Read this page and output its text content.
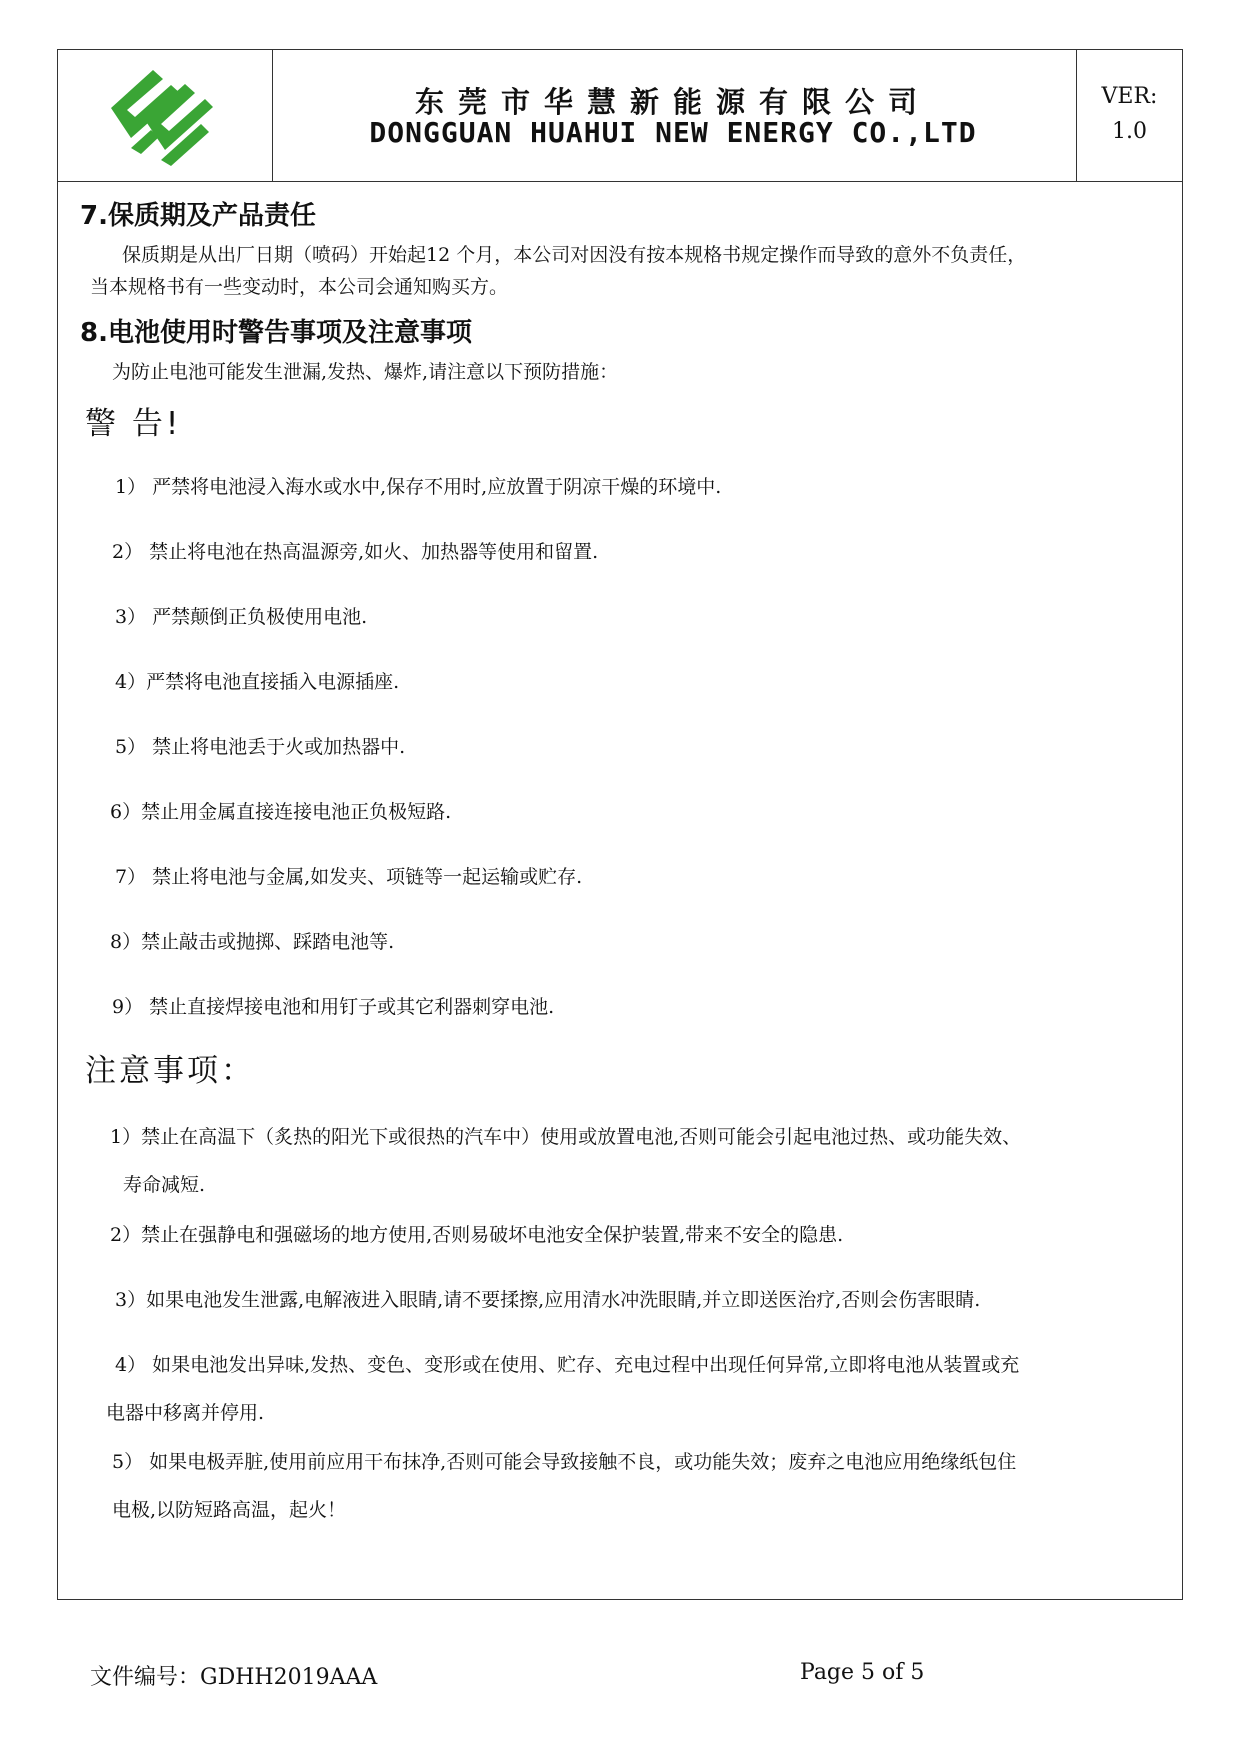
东莞市华慧新能源有限公司
DONGGUAN HUAHUI NEW ENERGY CO.,LTD
VER:
1.0
7.保质期及产品责任
保质期是从出厂日期（喷码）开始起12 个月，本公司对因没有按本规格书规定操作而导致的意外不负责任，
当本规格书有一些变动时，本公司会通知购买方。
8.电池使用时警告事项及注意事项
为防止电池可能发生泄漏,发热、爆炸,请注意以下预防措施：
警 告!
1） 严禁将电池浸入海水或水中,保存不用时,应放置于阴凉干燥的环境中.
2） 禁止将电池在热高温源旁,如火、加热器等使用和留置.
3） 严禁颠倒正负极使用电池.
4）严禁将电池直接插入电源插座.
5） 禁止将电池丢于火或加热器中.
6）禁止用金属直接连接电池正负极短路.
7） 禁止将电池与金属,如发夹、项链等一起运输或贮存.
8）禁止敲击或抛掷、踩踏电池等.
9） 禁止直接焊接电池和用钉子或其它利器刺穿电池.
注意事项：
1）禁止在高温下（炙热的阳光下或很热的汽车中）使用或放置电池,否则可能会引起电池过热、或功能失效、
寿命减短.
2）禁止在强静电和强磁场的地方使用,否则易破坏电池安全保护装置,带来不安全的隐患.
3）如果电池发生泄露,电解液进入眼睛,请不要揉擦,应用清水冲洗眼睛,并立即送医治疗,否则会伤害眼睛.
4） 如果电池发出异味,发热、变色、变形或在使用、贮存、充电过程中出现任何异常,立即将电池从装置或充
电器中移离并停用.
5） 如果电极弄脏,使用前应用干布抹净,否则可能会导致接触不良，或功能失效；废弃之电池应用绝缘纸包住
电极,以防短路高温，起火！
文件编号：GDHH2019AAA	Page 5 of 5
